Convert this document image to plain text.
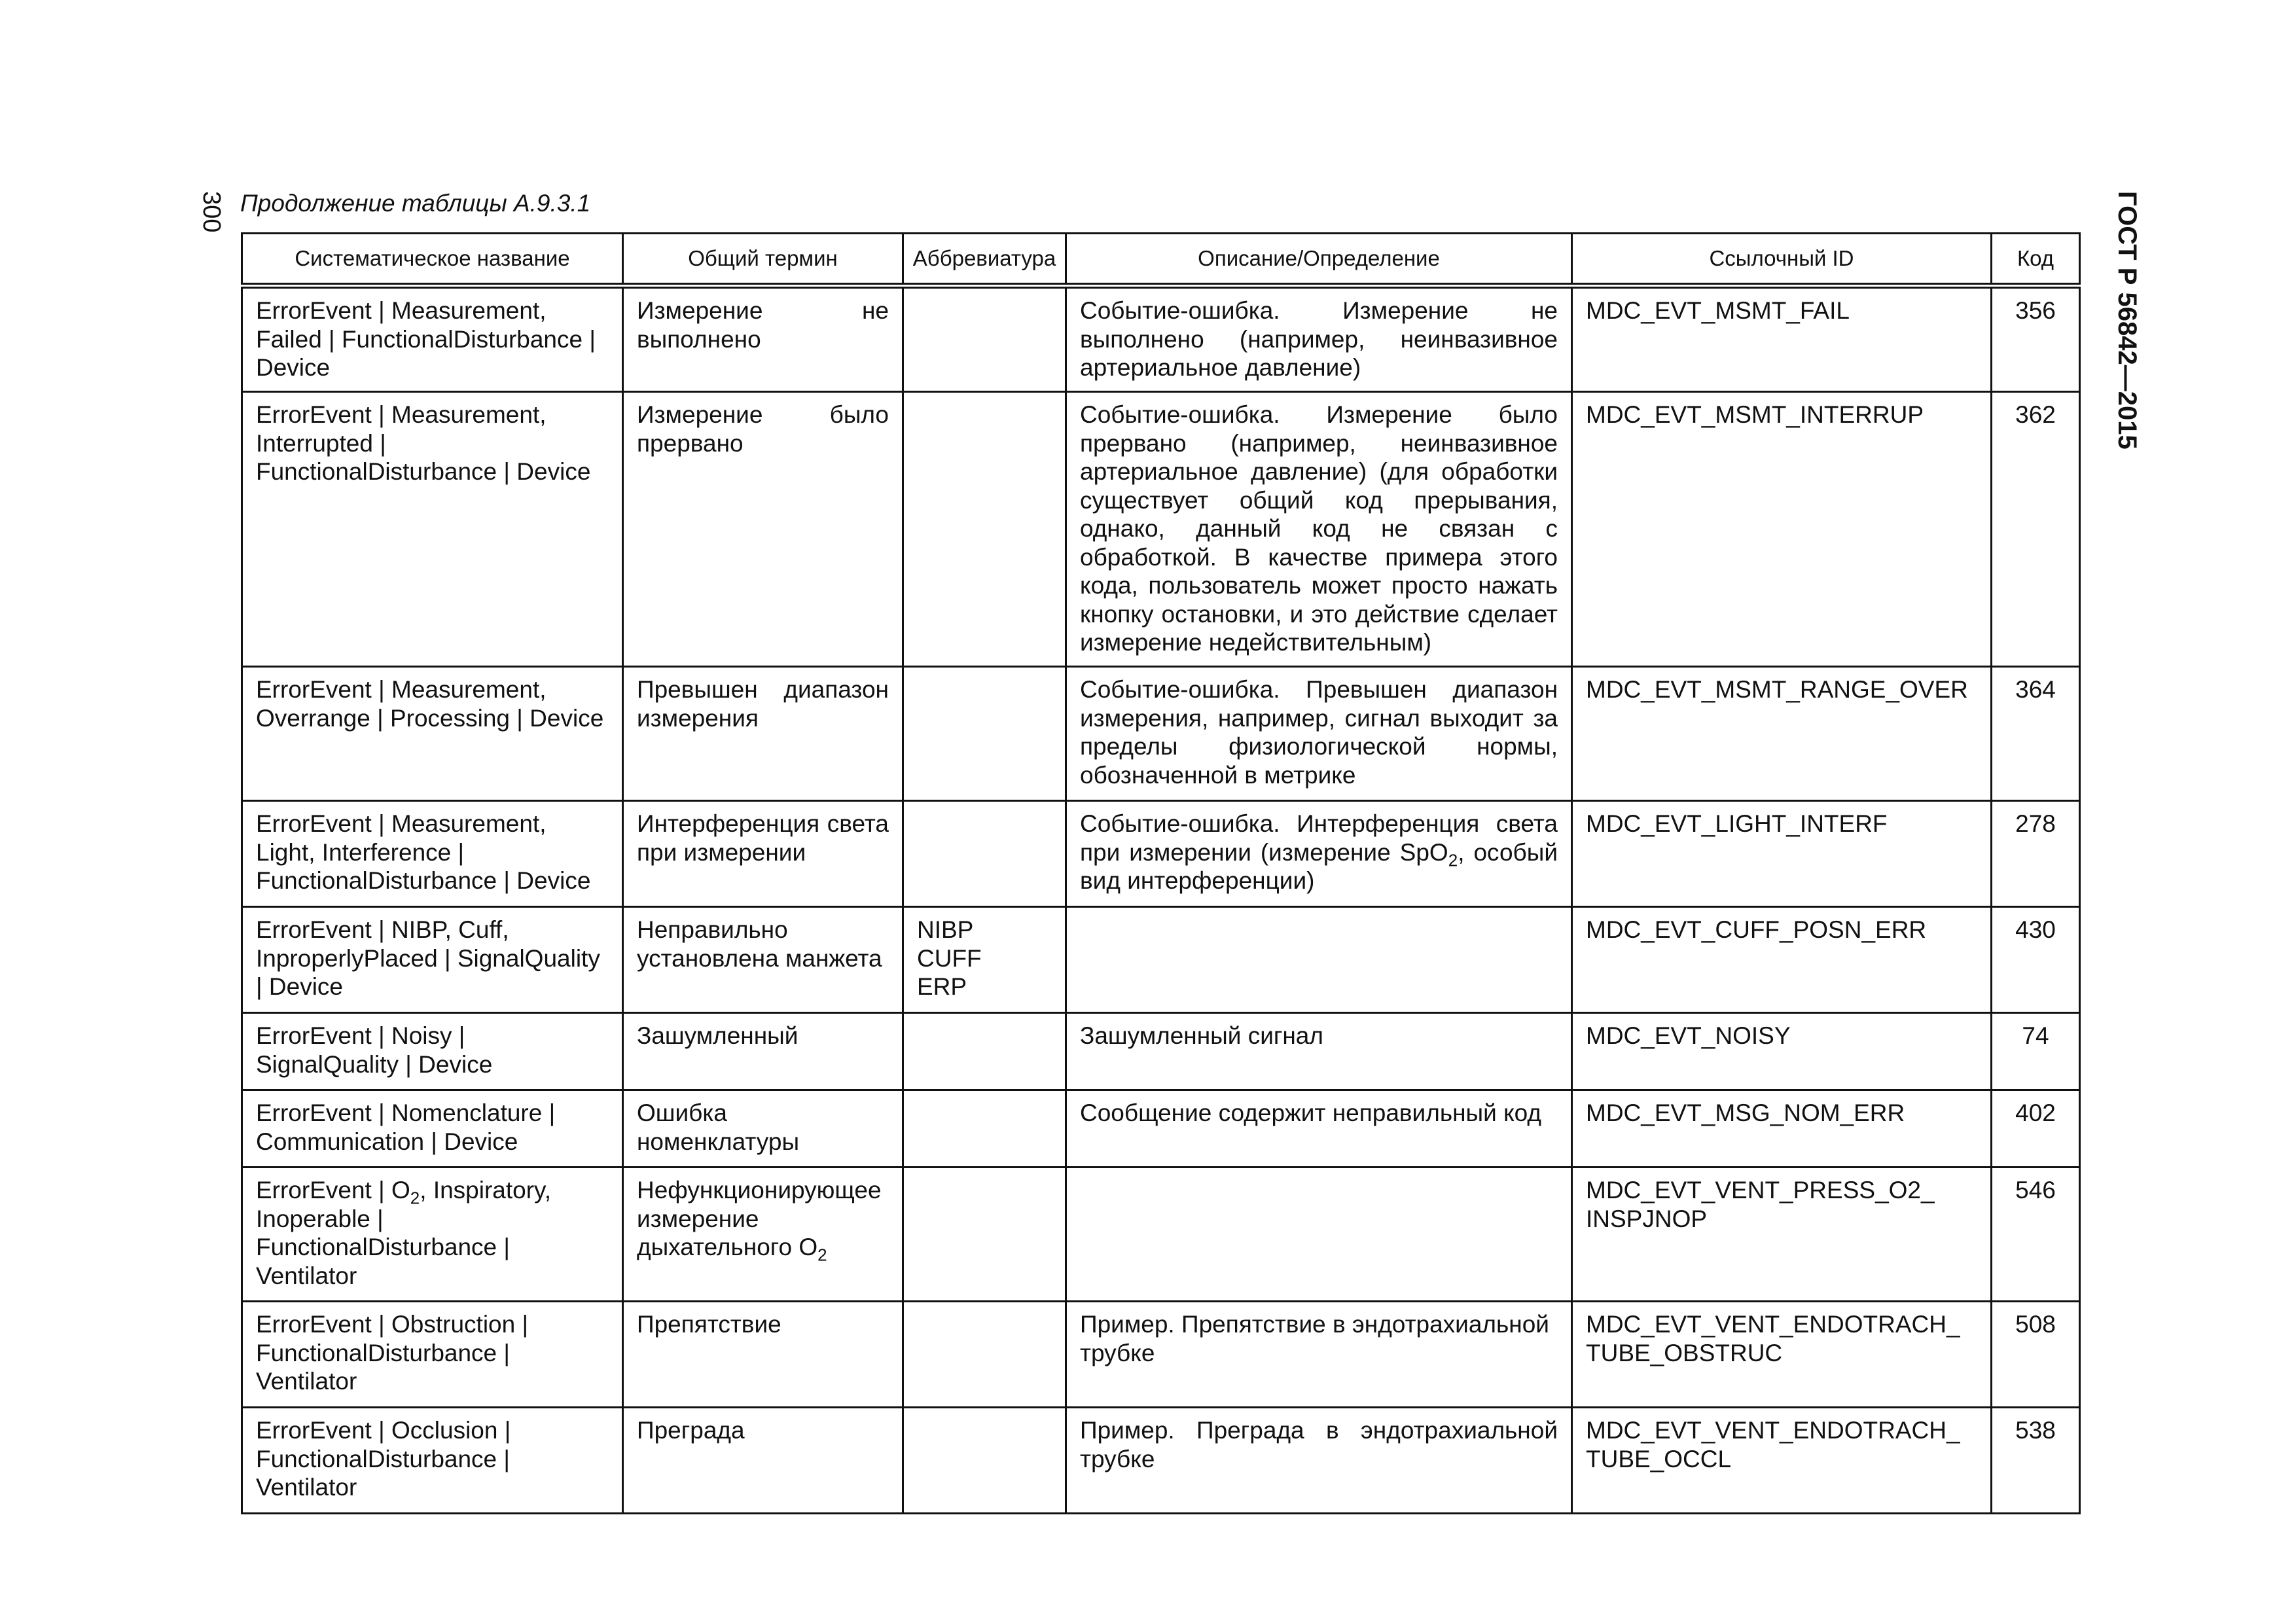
300	ГОСТ Р 56842—2015
Продолжение таблицы А.9.3.1
Систематическое название	Общий термин	Аббревиатура	Описание/Определение	Ссылочный ID	Код
ErrorEvent | Measurement, Failed | FunctionalDisturbance | Device	Измерение не выполнено		Событие-ошибка. Измерение не выполнено (например, неинвазивное артериальное давление)	MDC_EVT_MSMT_FAIL	356
ErrorEvent | Measurement, Interrupted | FunctionalDisturbance | Device	Измерение было прервано		Событие-ошибка. Измерение было прервано (например, неинвазивное артериальное давление) (для обработки существует общий код прерывания, однако, данный код не связан с обработкой. В качестве примера этого кода, пользователь может просто нажать кнопку остановки, и это действие сделает измерение недействительным)	MDC_EVT_MSMT_INTERRUP	362
ErrorEvent | Measurement, Overrange | Processing | Device	Превышен диапазон измерения		Событие-ошибка. Превышен диапазон измерения, например, сигнал выходит за пределы физиологической нормы, обозначенной в метрике	MDC_EVT_MSMT_RANGE_OVER	364
ErrorEvent | Measurement, Light, Interference | FunctionalDisturbance | Device	Интерференция света при измерении		Событие-ошибка. Интерференция света при измерении (измерение SpO$_2$, особый вид интерференции)	MDC_EVT_LIGHT_INTERF	278
ErrorEvent | NIBP, Cuff, InproperlyPlaced | SignalQuality | Device	Неправильно установлена манжета	NIBP
CUFF
ERP		MDC_EVT_CUFF_POSN_ERR	430
ErrorEvent | Noisy | SignalQuality | Device	Зашумленный		Зашумленный сигнал	MDC_EVT_NOISY	74
ErrorEvent | Nomenclature | Communication | Device	Ошибка номенклатуры		Сообщение содержит неправильный код	MDC_EVT_MSG_NOM_ERR	402
ErrorEvent | $O_2$, Inspiratory, Inoperable | FunctionalDisturbance | Ventilator	Нефункционирующее измерение дыхательного $O_2$			MDC_EVT_VENT_PRESS_O2_ INSPJNOP	546
ErrorEvent | Obstruction | FunctionalDisturbance | Ventilator	Препятствие		Пример. Препятствие в эндотрахиальной трубке	MDC_EVT_VENT_ENDOTRACH_ TUBE_OBSTRUC	508
ErrorEvent | Occlusion | FunctionalDisturbance | Ventilator	Преграда		Пример. Преграда в эндотрахиальной трубке	MDC_EVT_VENT_ENDOTRACH_ TUBE_OCCL	538
